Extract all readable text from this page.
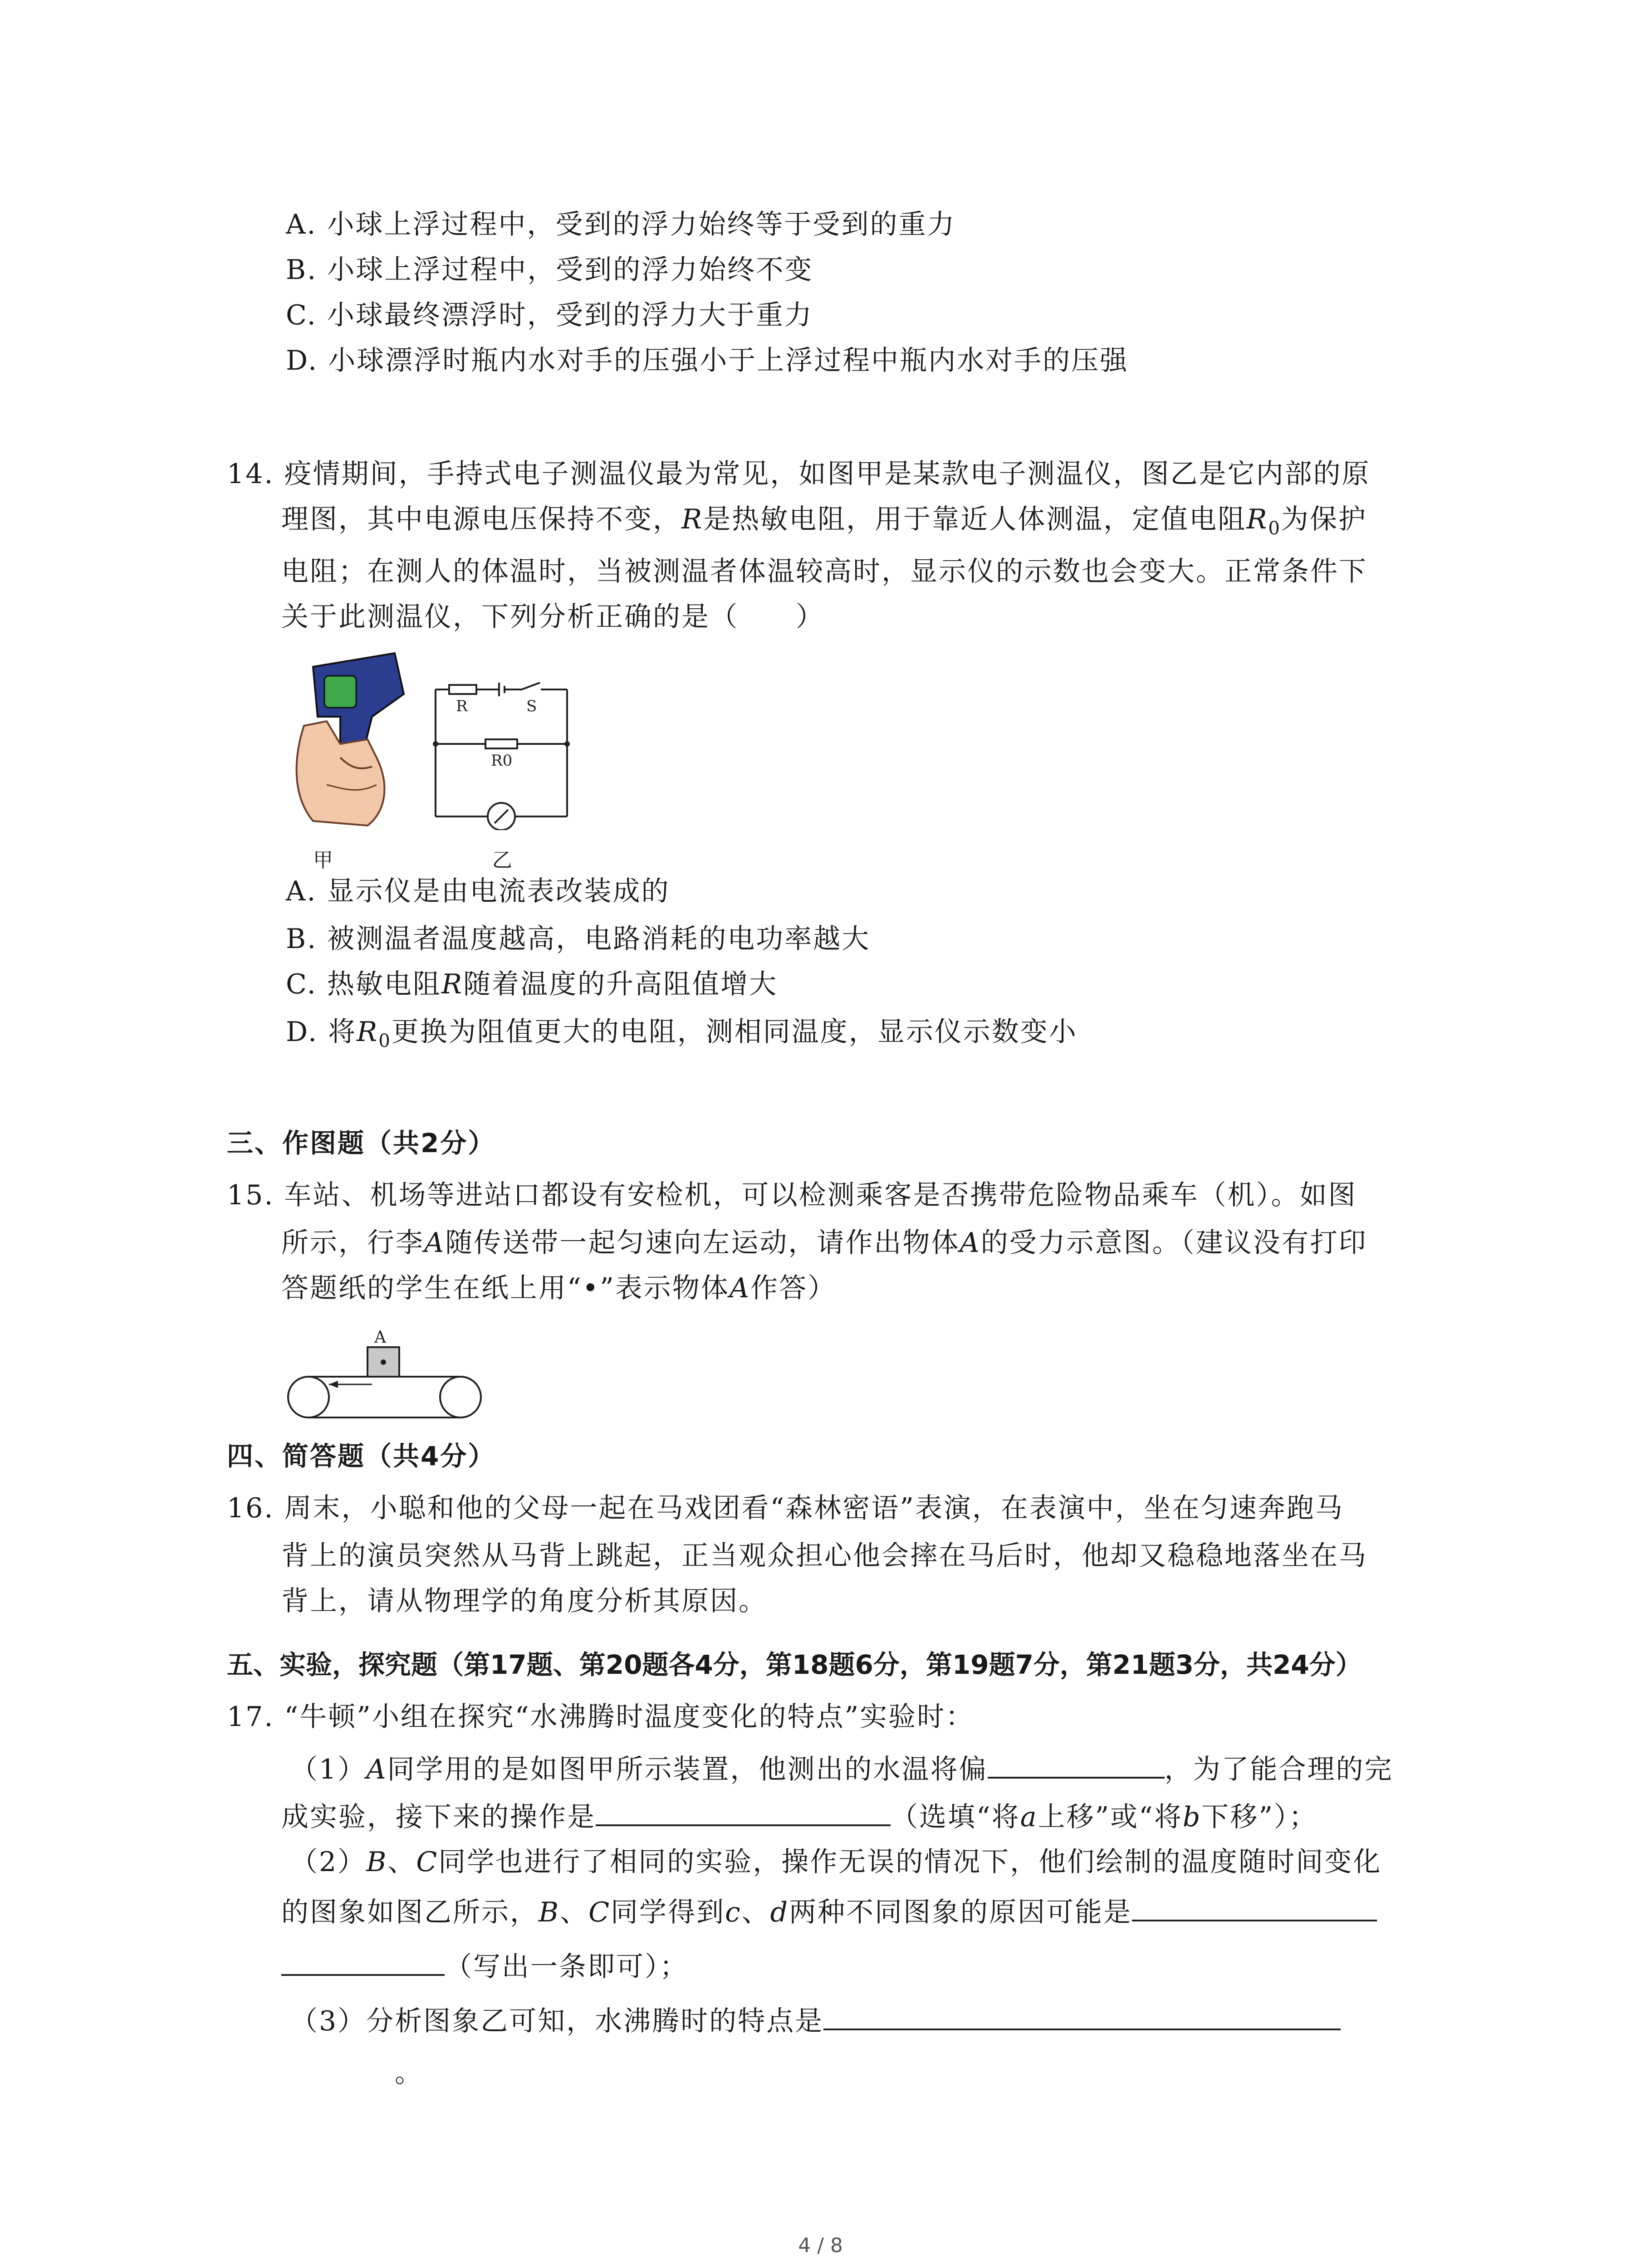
A. 小球上浮过程中，受到的浮力始终等于受到的重力
B. 小球上浮过程中，受到的浮力始终不变
C. 小球最终漂浮时，受到的浮力大于重力
D. 小球漂浮时瓶内水对手的压强小于上浮过程中瓶内水对手的压强
14. 疫情期间，手持式电子测温仪最为常见，如图甲是某款电子测温仪，图乙是它内部的原
理图，其中电源电压保持不变，R是热敏电阻，用于靠近人体测温，定值电阻$R_0$为保护
电阻；在测人的体温时，当被测温者体温较高时，显示仪的示数也会变大。正常条件下
关于此测温仪，下列分析正确的是（　　）
甲
R	S
R0
乙
A. 显示仪是由电流表改装成的
B. 被测温者温度越高，电路消耗的电功率越大
C. 热敏电阻R随着温度的升高阻值增大
D. 将$R_0$更换为阻值更大的电阻，测相同温度，显示仪示数变小
三、作图题（共2分）
15. 车站、机场等进站口都设有安检机，可以检测乘客是否携带危险物品乘车（机）。如图
所示，行李A随传送带一起匀速向左运动，请作出物体A的受力示意图。（建议没有打印
答题纸的学生在纸上用“•”表示物体A作答）
A
四、简答题（共4分）
16. 周末，小聪和他的父母一起在马戏团看“森林密语”表演，在表演中，坐在匀速奔跑马
背上的演员突然从马背上跳起，正当观众担心他会摔在马后时，他却又稳稳地落坐在马
背上，请从物理学的角度分析其原因。
五、实验，探究题（第17题、第20题各4分，第18题6分，第19题7分，第21题3分，共24分）
17. “牛顿”小组在探究“水沸腾时温度变化的特点”实验时：
（1）A同学用的是如图甲所示装置，他测出的水温将偏	，为了能合理的完
成实验，接下来的操作是	（选填“将a上移”或“将b下移”）；
（2）B、C同学也进行了相同的实验，操作无误的情况下，他们绘制的温度随时间变化
的图象如图乙所示，B、C同学得到c、d两种不同图象的原因可能是
（写出一条即可）；
（3）分析图象乙可知，水沸腾时的特点是
。
4 / 8
